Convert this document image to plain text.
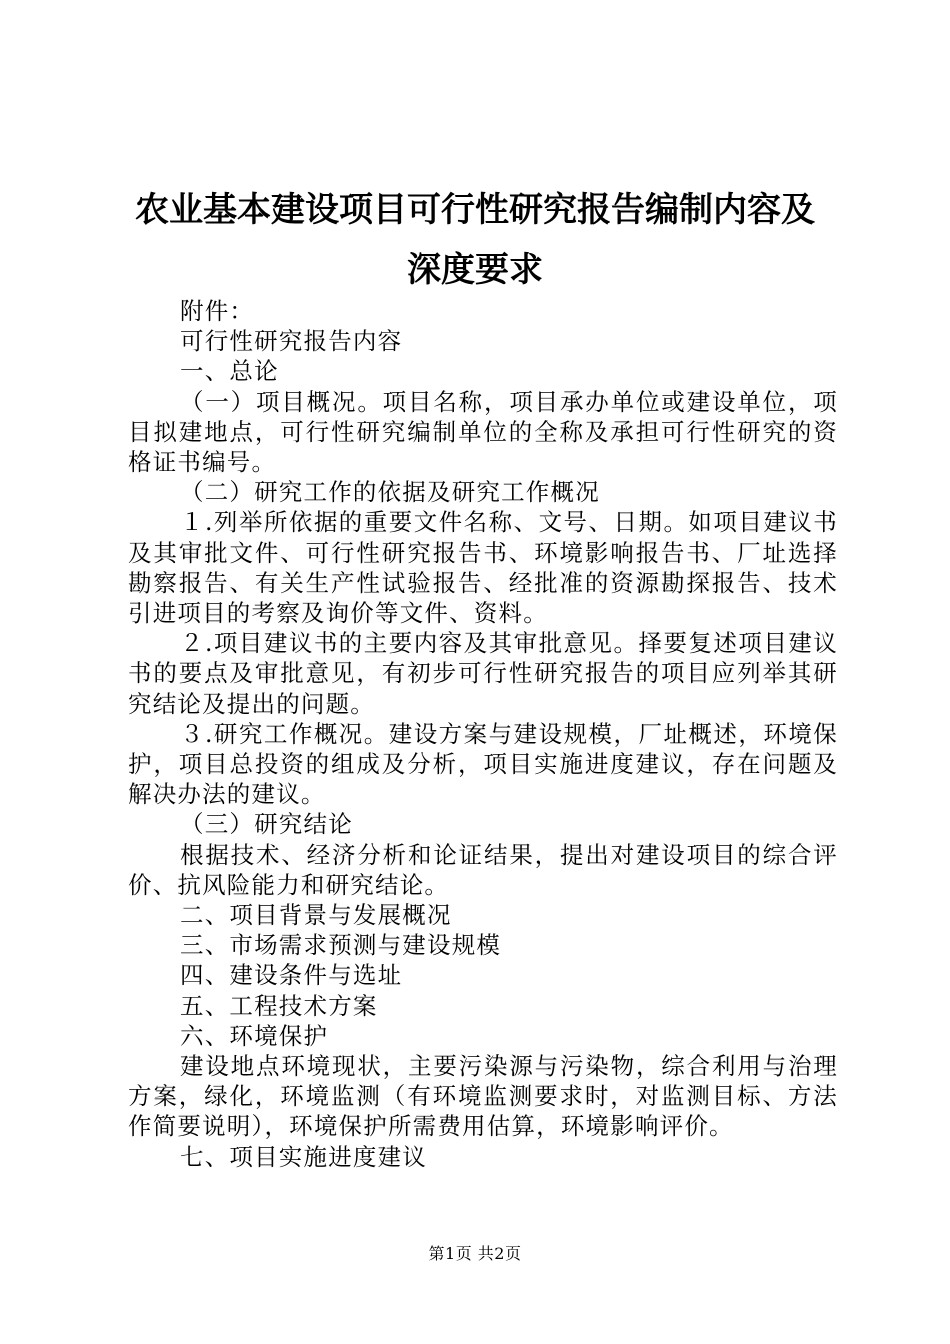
农业基本建设项目可行性研究报告编制内容及
深度要求

附件：

可行性研究报告内容

一、总论

（一）项目概况。项目名称，项目承办单位或建设单位，项目拟建地点，可行性研究编制单位的全称及承担可行性研究的资格证书编号。

（二）研究工作的依据及研究工作概况

１.列举所依据的重要文件名称、文号、日期。如项目建议书及其审批文件、可行性研究报告书、环境影响报告书、厂址选择勘察报告、有关生产性试验报告、经批准的资源勘探报告、技术引进项目的考察及询价等文件、资料。

２.项目建议书的主要内容及其审批意见。择要复述项目建议书的要点及审批意见，有初步可行性研究报告的项目应列举其研究结论及提出的问题。

３.研究工作概况。建设方案与建设规模，厂址概述，环境保护，项目总投资的组成及分析，项目实施进度建议，存在问题及解决办法的建议。

（三）研究结论

根据技术、经济分析和论证结果，提出对建设项目的综合评价、抗风险能力和研究结论。

二、项目背景与发展概况

三、市场需求预测与建设规模

四、建设条件与选址

五、工程技术方案

六、环境保护

建设地点环境现状，主要污染源与污染物，综合利用与治理方案，绿化，环境监测（有环境监测要求时，对监测目标、方法作简要说明），环境保护所需费用估算，环境影响评价。

七、项目实施进度建议

第1页 共2页
